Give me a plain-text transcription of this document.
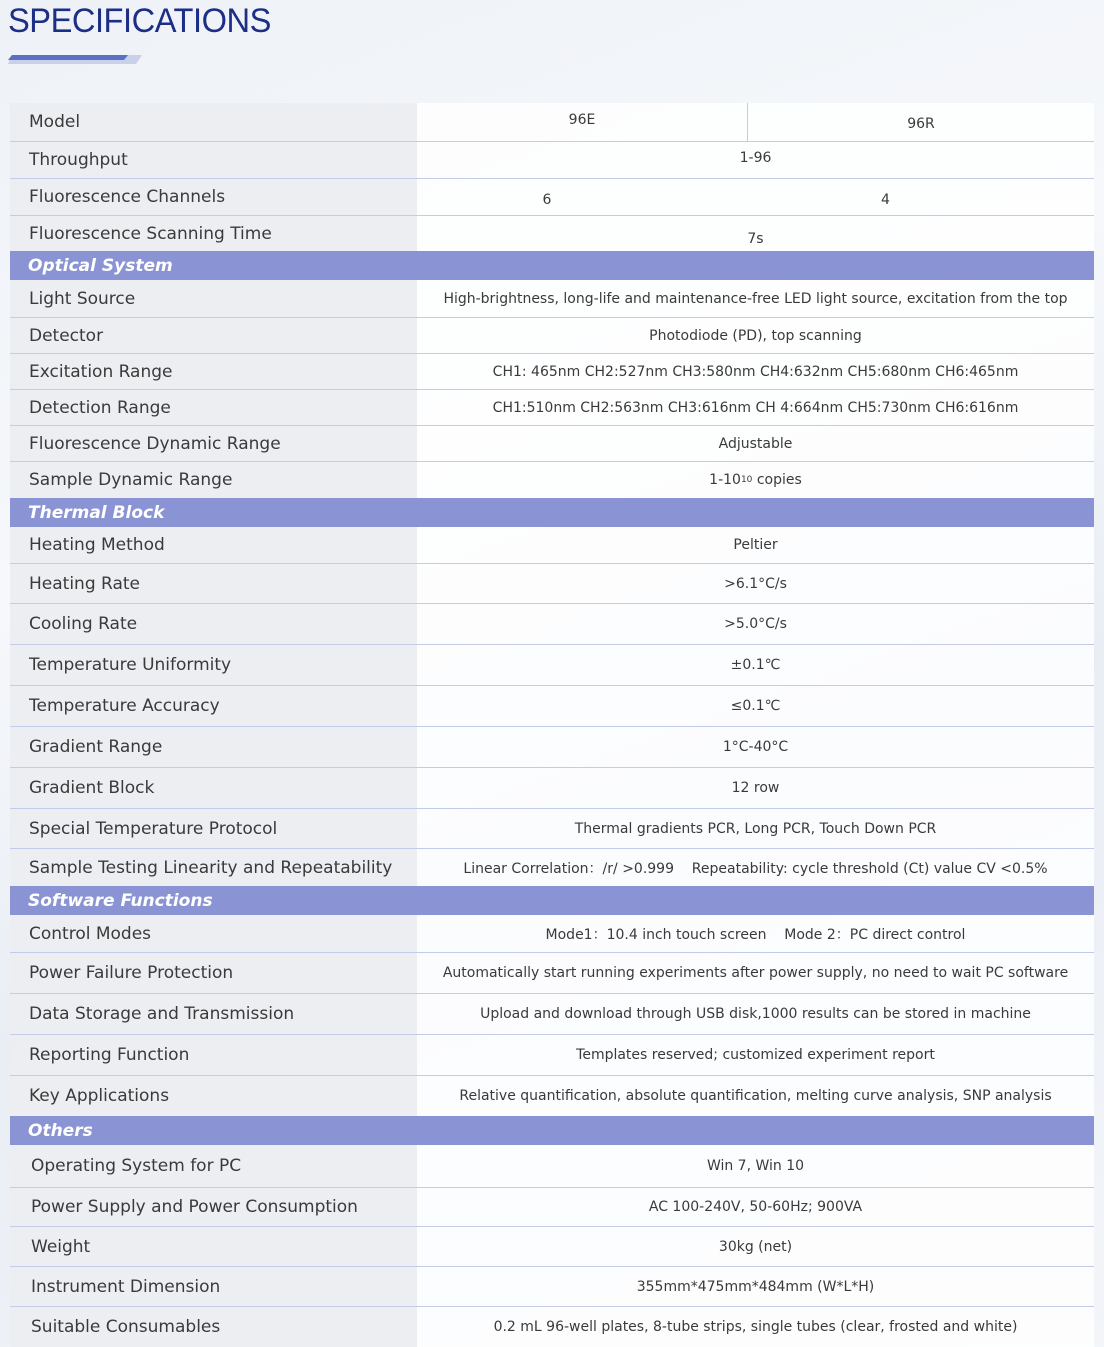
SPECIFICATIONS
Model	96E	96R
Throughput	1-96
Fluorescence Channels	6	4
Fluorescence Scanning Time	7s
Optical System
Light Source	High-brightness, long-life and maintenance-free LED light source, excitation from the top
Detector	Photodiode (PD), top scanning
Excitation Range	CH1: 465nm CH2:527nm CH3:580nm CH4:632nm CH5:680nm CH6:465nm
Detection Range	CH1:510nm CH2:563nm CH3:616nm CH 4:664nm CH5:730nm CH6:616nm
Fluorescence Dynamic Range	Adjustable
Sample Dynamic Range	1-10 10 copies
Thermal Block
Heating Method	Peltier
Heating Rate	>6.1°C/s
Cooling Rate	>5.0°C/s
Temperature Uniformity	±0.1℃
Temperature Accuracy	≤0.1℃
Gradient Range	1°C-40°C
Gradient Block	12 row
Special Temperature Protocol	Thermal gradients PCR, Long PCR, Touch Down PCR
Sample Testing Linearity and Repeatability	Linear Correlation：/r/ >0.999    Repeatability: cycle threshold (Ct) value CV <0.5%
Software Functions
Control Modes	Mode1：10.4 inch touch screen    Mode 2：PC direct control
Power Failure Protection	Automatically start running experiments after power supply, no need to wait PC software
Data Storage and Transmission	Upload and download through USB disk,1000 results can be stored in machine
Reporting Function	Templates reserved; customized experiment report
Key Applications	Relative quantification, absolute quantification, melting curve analysis, SNP analysis
Others
Operating System for PC	Win 7, Win 10
Power Supply and Power Consumption	AC 100-240V, 50-60Hz; 900VA
Weight	30kg (net)
Instrument Dimension	355mm*475mm*484mm (W*L*H)
Suitable Consumables	0.2 mL 96-well plates, 8-tube strips, single tubes (clear, frosted and white)
